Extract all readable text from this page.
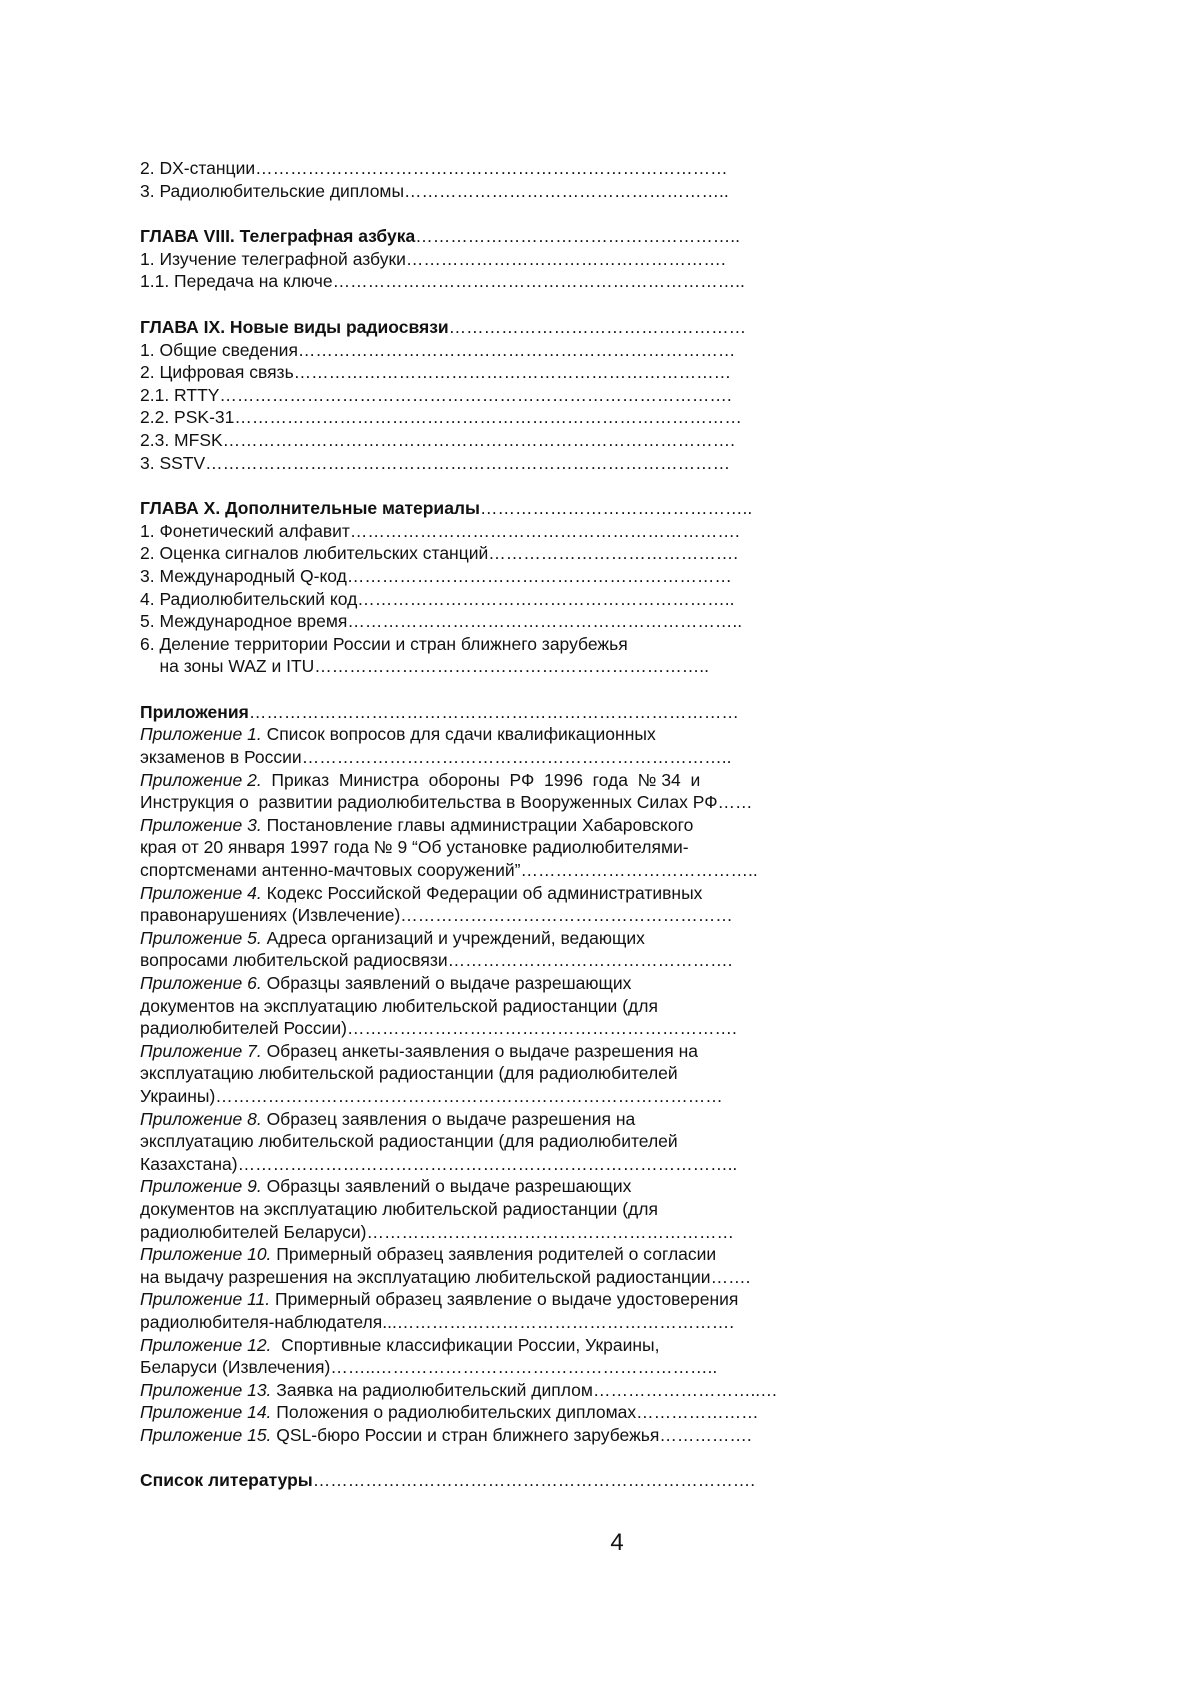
2. DX-станции………………………………………………………………………
3. Радиолюбительские дипломы………………………………………………..
ГЛАВА VIII. Телеграфная азбука………………………………………………..
1. Изучение телеграфной азбуки……………………………………………….
1.1. Передача на ключе……………………………………………………………..
ГЛАВА IX. Новые виды радиосвязи……………………………………………
1. Общие сведения…………………………………………………………………
2. Цифровая связь…………………………………………………………………
2.1. RTTY…………………………………………………………………………….
2.2. PSK-31……………………………………………………………………………
2.3. MFSK…………………………………………………………………………….
3. SSTV………………………………………………………………………………
ГЛАВА X. Дополнительные материалы………………………………………..
1. Фонетический алфавит………………………………………………………….
2. Оценка сигналов любительских станций…………………………………….
3. Международный Q-код…………………………………………………………
4. Радиолюбительский код………………………………………………………..
5. Международное время…………………………………………………………..
6. Деление территории России и стран ближнего зарубежья
на зоны WAZ и ITU…………………………………………………………..
Приложения…………………………………………………………………………
Приложение 1. Список вопросов для сдачи квалификационных
экзаменов в России………………………………………………………………..
Приложение 2.  Приказ  Министра  обороны  РФ  1996  года  № 34  и
Инструкция о  развитии радиолюбительства в Вооруженных Силах РФ……
Приложение 3. Постановление главы администрации Хабаровского
края от 20 января 1997 года № 9 “Об установке радиолюбителями-
спортсменами антенно-мачтовых сооружений”…………………………………..
Приложение 4. Кодекс Российской Федерации об административных
правонарушениях (Извлечение)…………………………………………………
Приложение 5. Адреса организаций и учреждений, ведающих
вопросами любительской радиосвязи………………………………………….
Приложение 6. Образцы заявлений о выдаче разрешающих
документов на эксплуатацию любительской радиостанции (для
радиолюбителей России)………………………………………………………….
Приложение 7. Образец анкеты-заявления о выдаче разрешения на
эксплуатацию любительской радиостанции (для радиолюбителей
Украины)……………………………………………………………………………
Приложение 8. Образец заявления о выдаче разрешения на
эксплуатацию любительской радиостанции (для радиолюбителей
Казахстана)…………………………………………………………………………..
Приложение 9. Образцы заявлений о выдаче разрешающих
документов на эксплуатацию любительской радиостанции (для
радиолюбителей Беларуси)………………………………………………………
Приложение 10. Примерный образец заявления родителей о согласии
на выдачу разрешения на эксплуатацию любительской радиостанции…….
Приложение 11. Примерный образец заявление о выдаче удостоверения
радиолюбителя-наблюдателя...………………………………………………….
Приложение 12.  Спортивные классификации России, Украины,
Беларуси (Извлечения)……..…………………………………………………..
Приложение 13. Заявка на радиолюбительский диплом………………………..…
Приложение 14. Положения о радиолюбительских дипломах…………………
Приложение 15. QSL-бюро России и стран ближнего зарубежья…………….
Список литературы………………………………………………………………….
4
